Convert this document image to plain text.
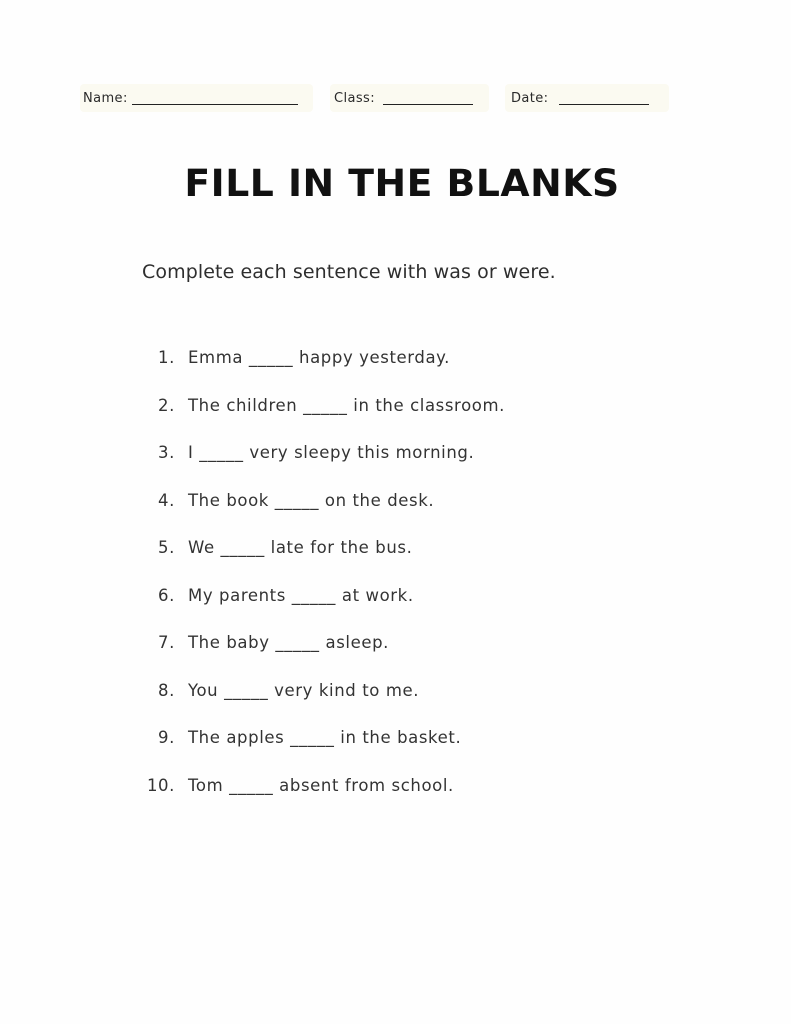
Name:	Class:	Date:
FILL IN THE BLANKS
Complete each sentence with was or were.
1. Emma _____ happy yesterday.
2. The children _____ in the classroom.
3. I _____ very sleepy this morning.
4. The book _____ on the desk.
5. We _____ late for the bus.
6. My parents _____ at work.
7. The baby _____ asleep.
8. You _____ very kind to me.
9. The apples _____ in the basket.
10. Tom _____ absent from school.
